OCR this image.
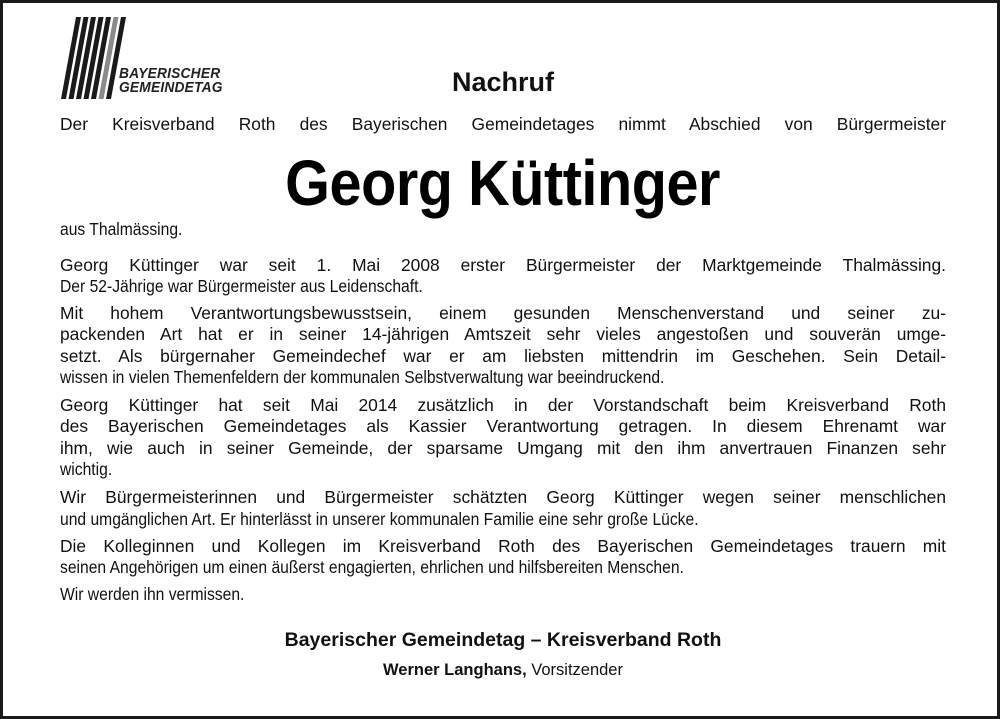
BAYERISCHER
GEMEINDETAG	Nachruf
Der Kreisverband Roth des Bayerischen Gemeindetages nimmt Abschied von Bürgermeister
Georg Küttinger
aus Thalmässing.
Georg Küttinger war seit 1. Mai 2008 erster Bürgermeister der Marktgemeinde Thalmässing.
Der 52-Jährige war Bürgermeister aus Leidenschaft.
Mit hohem Verantwortungsbewusstsein, einem gesunden Menschenverstand und seiner zu-
packenden Art hat er in seiner 14-jährigen Amtszeit sehr vieles angestoßen und souverän umge-
setzt. Als bürgernaher Gemeindechef war er am liebsten mittendrin im Geschehen. Sein Detail-
wissen in vielen Themenfeldern der kommunalen Selbstverwaltung war beeindruckend.
Georg Küttinger hat seit Mai 2014 zusätzlich in der Vorstandschaft beim Kreisverband Roth
des Bayerischen Gemeindetages als Kassier Verantwortung getragen. In diesem Ehrenamt war
ihm, wie auch in seiner Gemeinde, der sparsame Umgang mit den ihm anvertrauen Finanzen sehr
wichtig.
Wir Bürgermeisterinnen und Bürgermeister schätzten Georg Küttinger wegen seiner menschlichen
und umgänglichen Art. Er hinterlässt in unserer kommunalen Familie eine sehr große Lücke.
Die Kolleginnen und Kollegen im Kreisverband Roth des Bayerischen Gemeindetages trauern mit
seinen Angehörigen um einen äußerst engagierten, ehrlichen und hilfsbereiten Menschen.
Wir werden ihn vermissen.
Bayerischer Gemeindetag – Kreisverband Roth
Werner Langhans, Vorsitzender
